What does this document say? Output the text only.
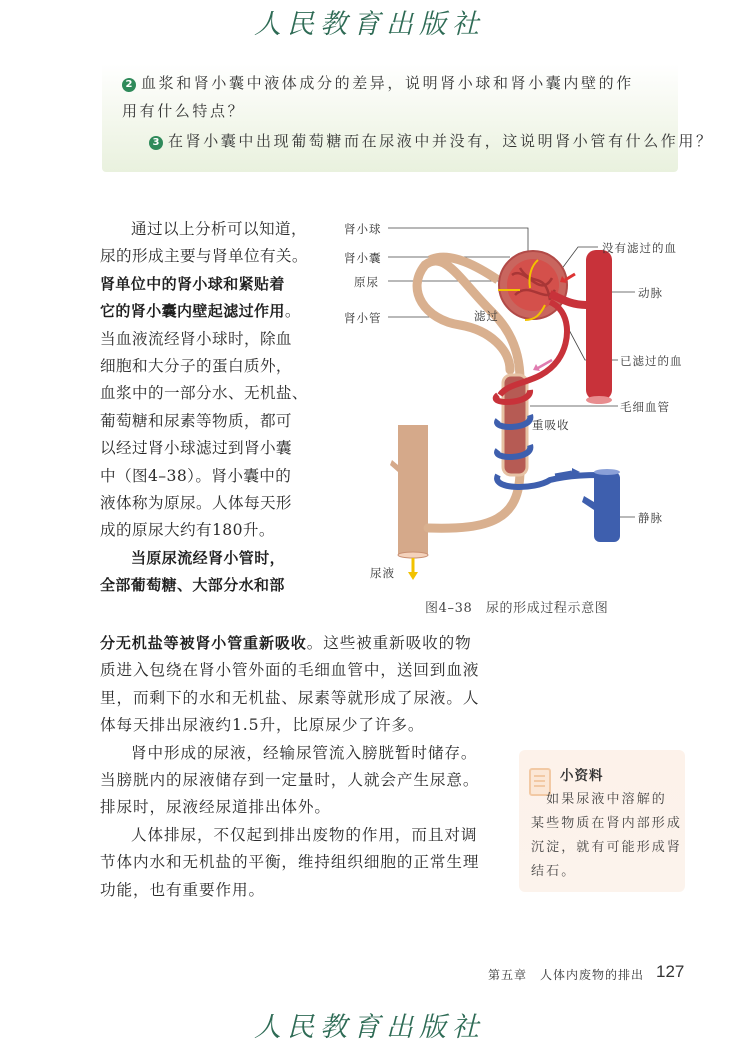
人民教育出版社
2 血浆和肾小囊中液体成分的差异，说明肾小球和肾小囊内壁的作
用有什么特点？
3 在肾小囊中出现葡萄糖而在尿液中并没有，这说明肾小管有什么作用？
通过以上分析可以知道，
尿的形成主要与肾单位有关。
肾单位中的肾小球和紧贴着
它的肾小囊内壁起滤过作用。
当血液流经肾小球时，除血
细胞和大分子的蛋白质外，
血浆中的一部分水、无机盐、
葡萄糖和尿素等物质，都可
以经过肾小球滤过到肾小囊
中（图4–38）。肾小囊中的
液体称为原尿。人体每天形
成的原尿大约有180升。
当原尿流经肾小管时，
全部葡萄糖、大部分水和部
分无机盐等被肾小管重新吸收。这些被重新吸收的物
质进入包绕在肾小管外面的毛细血管中，送回到血液
里，而剩下的水和无机盐、尿素等就形成了尿液。人
体每天排出尿液约1.5升，比原尿少了许多。
肾中形成的尿液，经输尿管流入膀胱暂时储存。
当膀胱内的尿液储存到一定量时，人就会产生尿意。
排尿时，尿液经尿道排出体外。
人体排尿，不仅起到排出废物的作用，而且对调
节体内水和无机盐的平衡，维持组织细胞的正常生理
功能，也有重要作用。
肾小球
肾小囊
原尿
肾小管	滤过
没有滤过的血
动脉
已滤过的血
毛细血管
重吸收
静脉
尿液
图4–38　尿的形成过程示意图
小资料
　如果尿液中溶解的
某些物质在肾内部形成
沉淀，就有可能形成肾
结石。
第五章　人体内废物的排出 127
人民教育出版社
